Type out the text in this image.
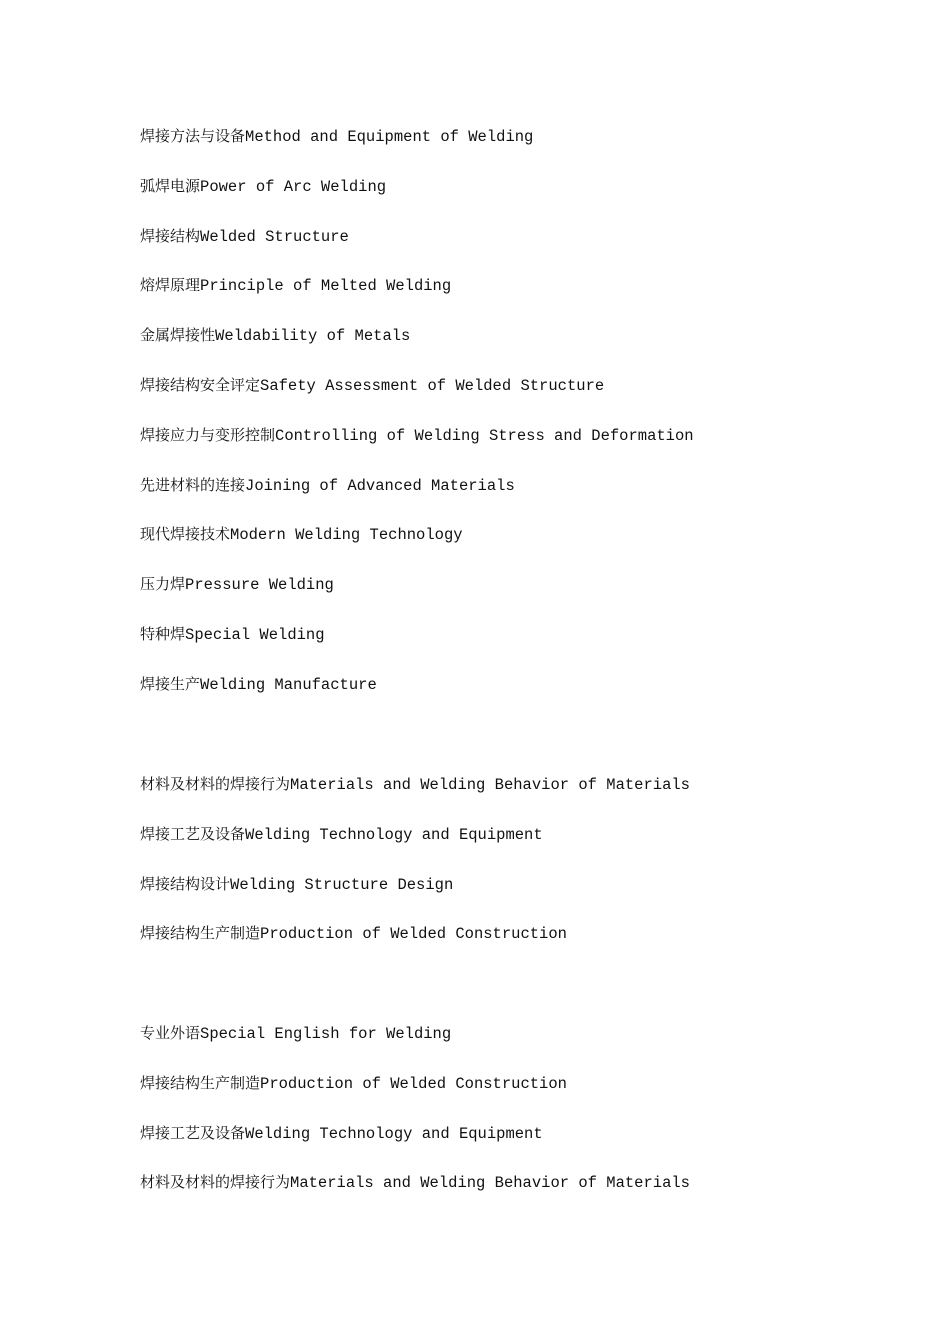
焊接方法与设备Method and Equipment of Welding
弧焊电源Power of Arc Welding
焊接结构Welded Structure
熔焊原理Principle of Melted Welding
金属焊接性Weldability of Metals
焊接结构安全评定Safety Assessment of Welded Structure
焊接应力与变形控制Controlling of Welding Stress and Deformation
先进材料的连接Joining of Advanced Materials
现代焊接技术Modern Welding Technology
压力焊Pressure Welding
特种焊Special Welding
焊接生产Welding Manufacture
材料及材料的焊接行为Materials and Welding Behavior of Materials
焊接工艺及设备Welding Technology and Equipment
焊接结构设计Welding Structure Design
焊接结构生产制造Production of Welded Construction
专业外语Special English for Welding
焊接结构生产制造Production of Welded Construction
焊接工艺及设备Welding Technology and Equipment
材料及材料的焊接行为Materials and Welding Behavior of Materials
